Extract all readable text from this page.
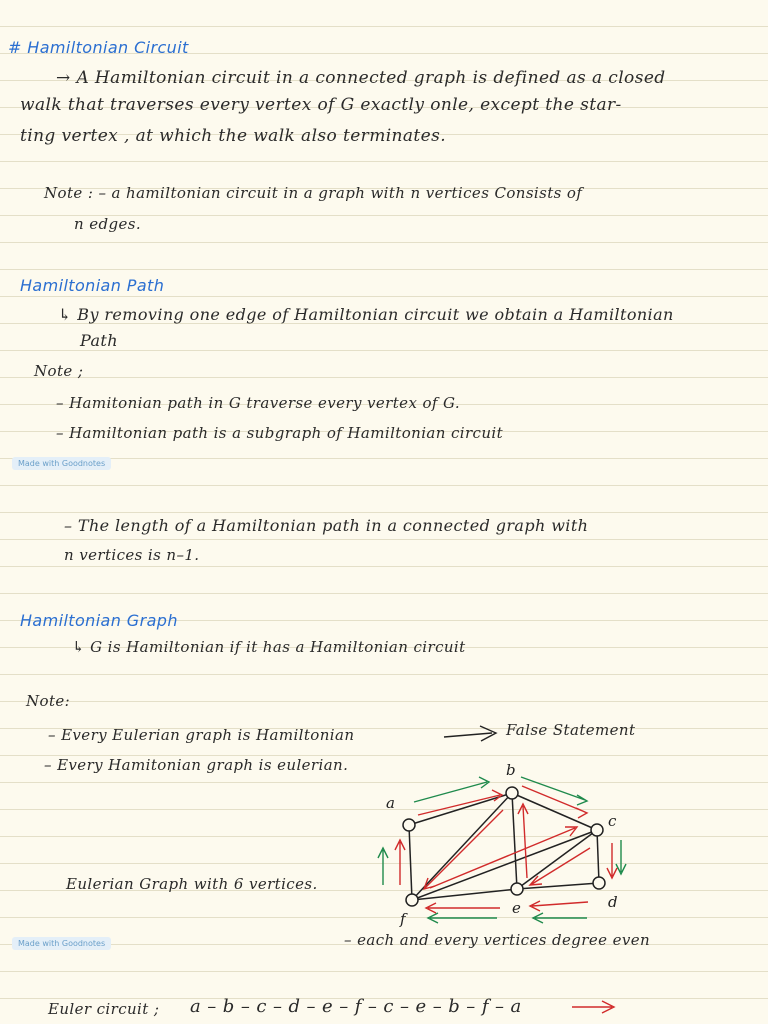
# Hamiltonian Circuit
→ A Hamiltonian circuit in a connected graph is defined as a closed
walk that traverses every vertex of G exactly onle, except the star-
ting vertex , at which the walk also terminates.
Note : – a hamiltonian circuit in a graph with n vertices Consists of
n edges.
Hamiltonian Path
↳ By removing one edge of Hamiltonian circuit we obtain a Hamiltonian
Path
Note ;
– Hamitonian path in G traverse every vertex of G.
– Hamiltonian path is a subgraph of Hamiltonian circuit
Made with Goodnotes
– The length of a Hamiltonian path in a connected graph with
n vertices is n–1.
Hamiltonian Graph
↳ G is Hamiltonian if it has a Hamiltonian circuit
Note:
– Every Eulerian graph is Hamiltonian
– Every Hamitonian graph is eulerian.
False Statement
Eulerian Graph with 6 vertices.
Made with Goodnotes	– each and every vertices degree even
Euler circuit ; a – b – c – d – e – f – c – e – b – f – a
a
b
c
d
e
f
